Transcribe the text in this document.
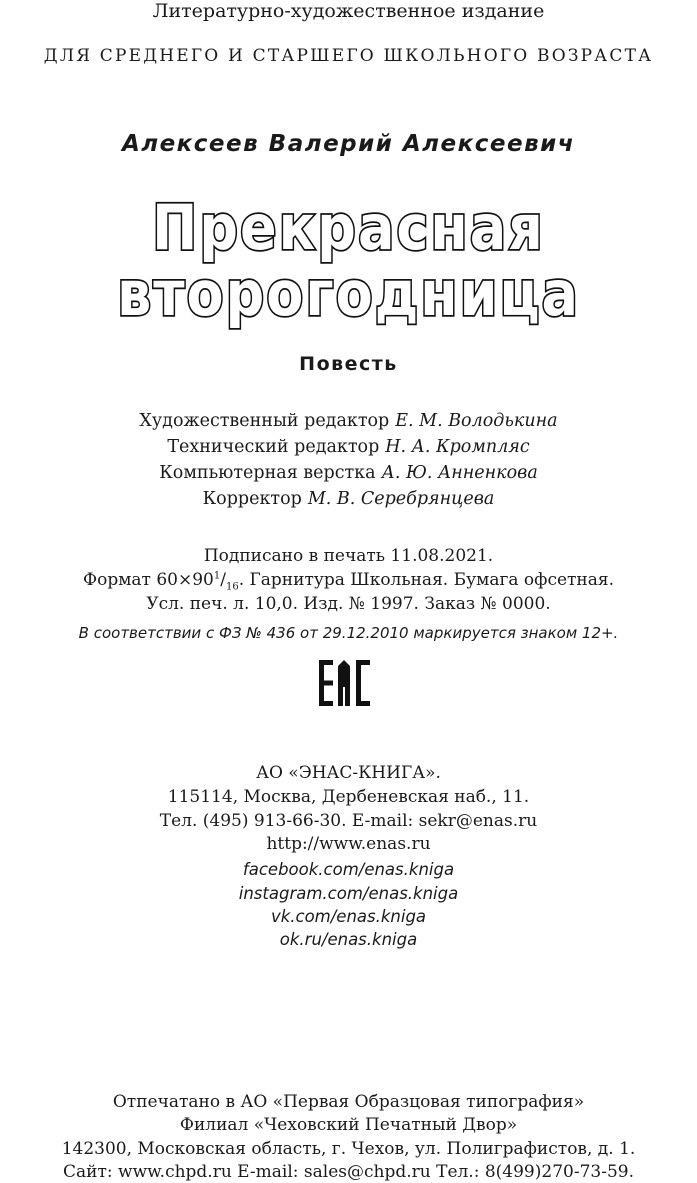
Литературно-художественное издание
ДЛЯ СРЕДНЕГО И СТАРШЕГО ШКОЛЬНОГО ВОЗРАСТА
Алексеев Валерий Алексеевич
Прекрасная
второгодница
Повесть
Художественный редактор Е. М. Володькина
Технический редактор Н. А. Кромпляс
Компьютерная верстка А. Ю. Анненкова
Корректор М. В. Серебрянцева
Подписано в печать 11.08.2021.
Формат $60\times 90^1/_{16}$. Гарнитура Школьная. Бумага офсетная.
Усл. печ. л. 10,0. Изд. № 1997. Заказ № 0000.
В соответствии с ФЗ № 436 от 29.12.2010 маркируется знаком 12+.
АО «ЭНАС-КНИГА».
115114, Москва, Дербеневская наб., 11.
Тел. (495) 913-66-30. E-mail: sekr@enas.ru
http://www.enas.ru
facebook.com/enas.kniga
instagram.com/enas.kniga
vk.com/enas.kniga
ok.ru/enas.kniga
Отпечатано в АО «Первая Образцовая типография»
Филиал «Чеховский Печатный Двор»
142300, Московская область, г. Чехов, ул. Полиграфистов, д. 1.
Сайт: www.chpd.ru E-mail: sales@chpd.ru Тел.: 8(499)270-73-59.
